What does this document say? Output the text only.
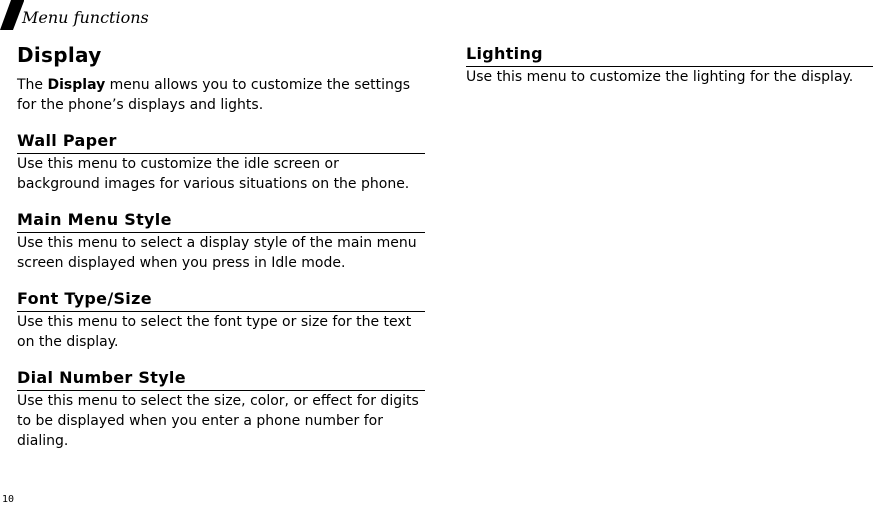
Menu functions
Display

The Display menu allows you to customize the settings for the phone’s displays and lights.

Wall Paper

Use this menu to customize the idle screen or background images for various situations on the phone.

Main Menu Style

Use this menu to select a display style of the main menu screen displayed when you press in Idle mode.

Font Type/Size

Use this menu to select the font type or size for the text on the display.

Dial Number Style

Use this menu to select the size, color, or effect for digits to be displayed when you enter a phone number for dialing.

Lighting

Use this menu to customize the lighting for the display.

10
